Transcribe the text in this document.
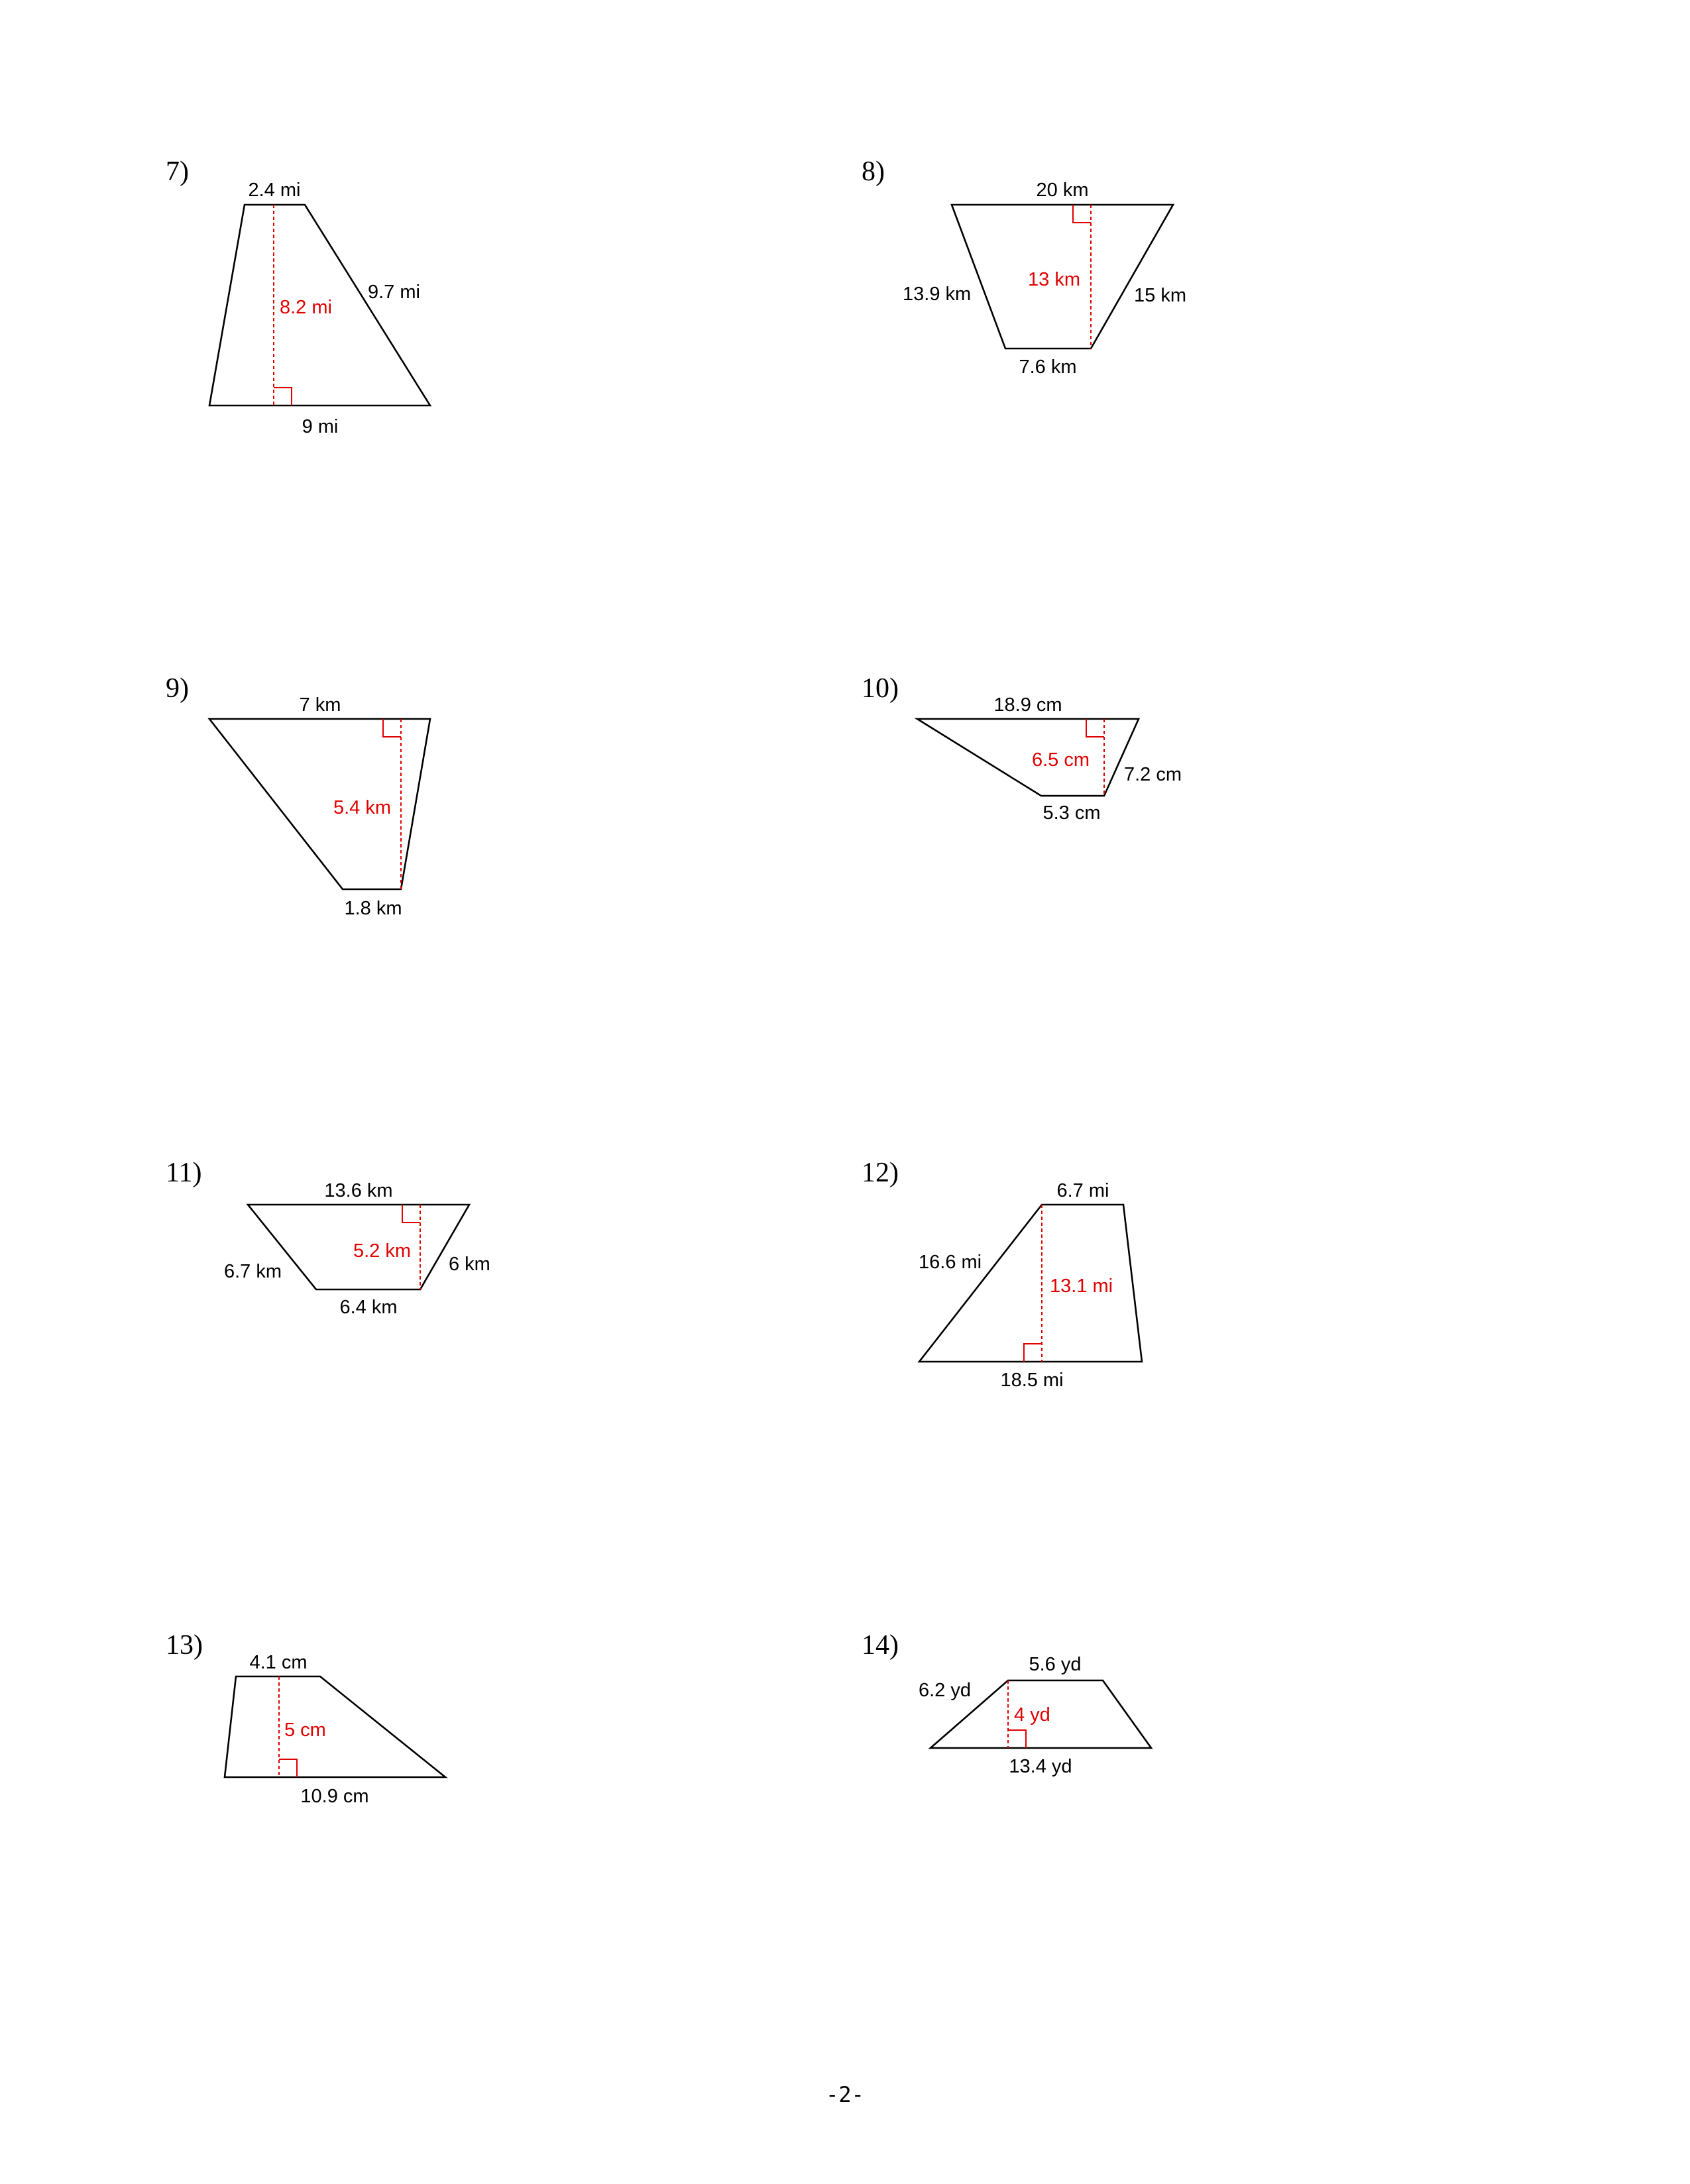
7)
2.4 mi
9 mi
9.7 mi
8.2 mi
8)
20 km
7.6 km
13.9 km	15 km
13 km
9)
7 km
1.8 km
5.4 km
10)
18.9 cm
5.3 cm
7.2 cm
6.5 cm
11)
13.6 km
6.4 km
6.7 km	6 km
5.2 km
12)
6.7 mi
18.5 mi
16.6 mi
13.1 mi
13)
4.1 cm
10.9 cm
5 cm
14)
5.6 yd
13.4 yd
6.2 yd
4 yd
-2-
